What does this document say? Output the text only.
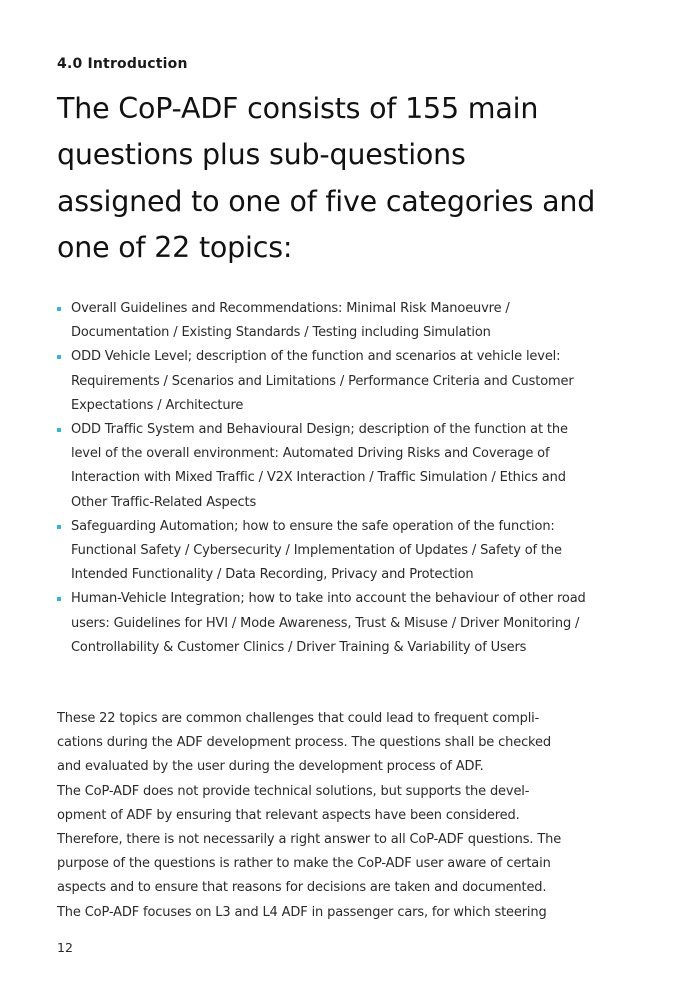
4.0 Introduction

The CoP-ADF consists of 155 main questions plus sub-questions assigned to one of five categories and one of 22 topics:
Overall Guidelines and Recommendations: Minimal Risk Manoeuvre / Documentation / Existing Standards / Testing including Simulation
ODD Vehicle Level; description of the function and scenarios at vehicle level: Requirements / Scenarios and Limitations / Performance Criteria and Customer Expectations / Architecture
ODD Traffic System and Behavioural Design; description of the function at the level of the overall environment: Automated Driving Risks and Coverage of Interaction with Mixed Traffic / V2X Interaction / Traffic Simulation / Ethics and Other Traffic-Related Aspects
Safeguarding Automation; how to ensure the safe operation of the function: Functional Safety / Cybersecurity / Implementation of Updates / Safety of the Intended Functionality / Data Recording, Privacy and Protection
Human-Vehicle Integration; how to take into account the behaviour of other road users: Guidelines for HVI / Mode Awareness, Trust & Misuse / Driver Monitoring / Controllability & Customer Clinics / Driver Training & Variability of Users

These 22 topics are common challenges that could lead to frequent compli-
cations during the ADF development process. The questions shall be checked
and evaluated by the user during the development process of ADF.
The CoP-ADF does not provide technical solutions, but supports the devel-
opment of ADF by ensuring that relevant aspects have been considered.
Therefore, there is not necessarily a right answer to all CoP-ADF questions. The
purpose of the questions is rather to make the CoP-ADF user aware of certain
aspects and to ensure that reasons for decisions are taken and documented.
The CoP-ADF focuses on L3 and L4 ADF in passenger cars, for which steering

12
